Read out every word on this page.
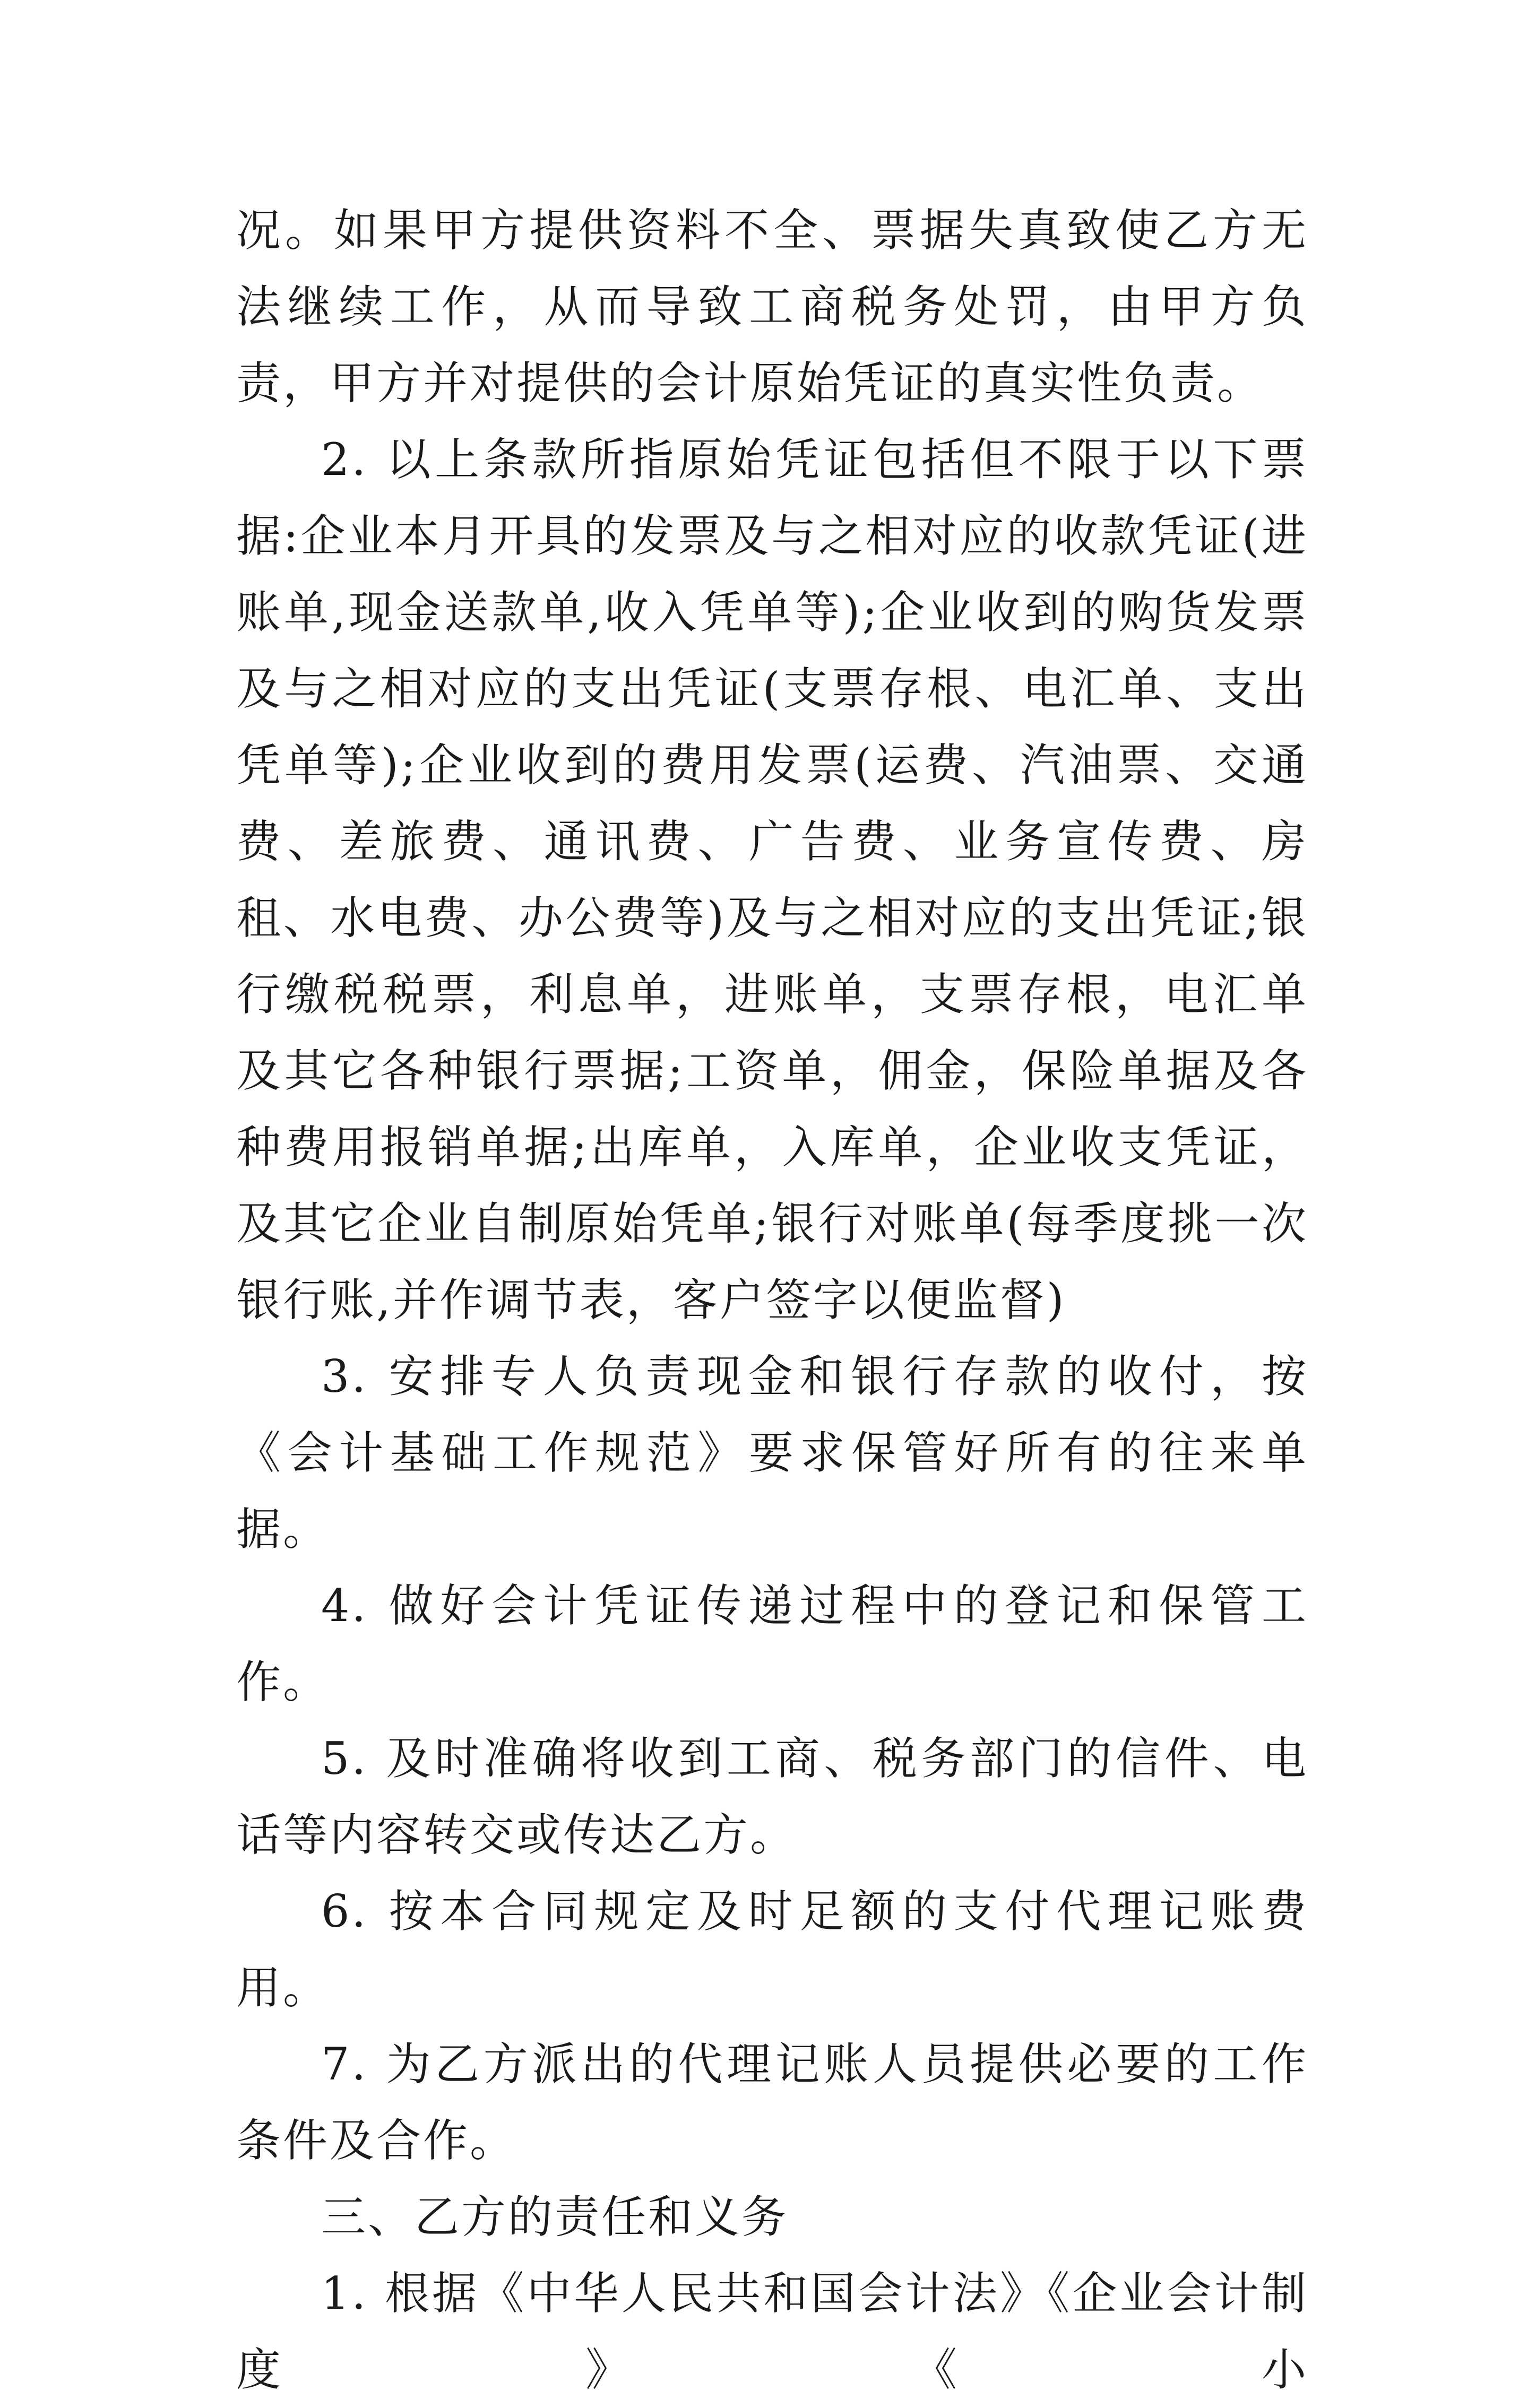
况。如果甲方提供资料不全、票据失真致使乙方无法继续工作，从而导致工商税务处罚，由甲方负责，甲方并对提供的会计原始凭证的真实性负责。

2. 以上条款所指原始凭证包括但不限于以下票据:企业本月开具的发票及与之相对应的收款凭证(进账单,现金送款单,收入凭单等);企业收到的购货发票及与之相对应的支出凭证(支票存根、电汇单、支出凭单等);企业收到的费用发票(运费、汽油票、交通费、差旅费、通讯费、广告费、业务宣传费、房租、水电费、办公费等)及与之相对应的支出凭证;银行缴税税票，利息单，进账单，支票存根，电汇单及其它各种银行票据;工资单，佣金，保险单据及各种费用报销单据;出库单，入库单，企业收支凭证，及其它企业自制原始凭单;银行对账单(每季度挑一次银行账,并作调节表，客户签字以便监督)

3. 安排专人负责现金和银行存款的收付，按《会计基础工作规范》要求保管好所有的往来单据。

4. 做好会计凭证传递过程中的登记和保管工作。

5. 及时准确将收到工商、税务部门的信件、电话等内容转交或传达乙方。

6. 按本合同规定及时足额的支付代理记账费用。

7. 为乙方派出的代理记账人员提供必要的工作条件及合作。

三、乙方的责任和义务

1. 根据《中华人民共和国会计法》《企业会计制度》《小
